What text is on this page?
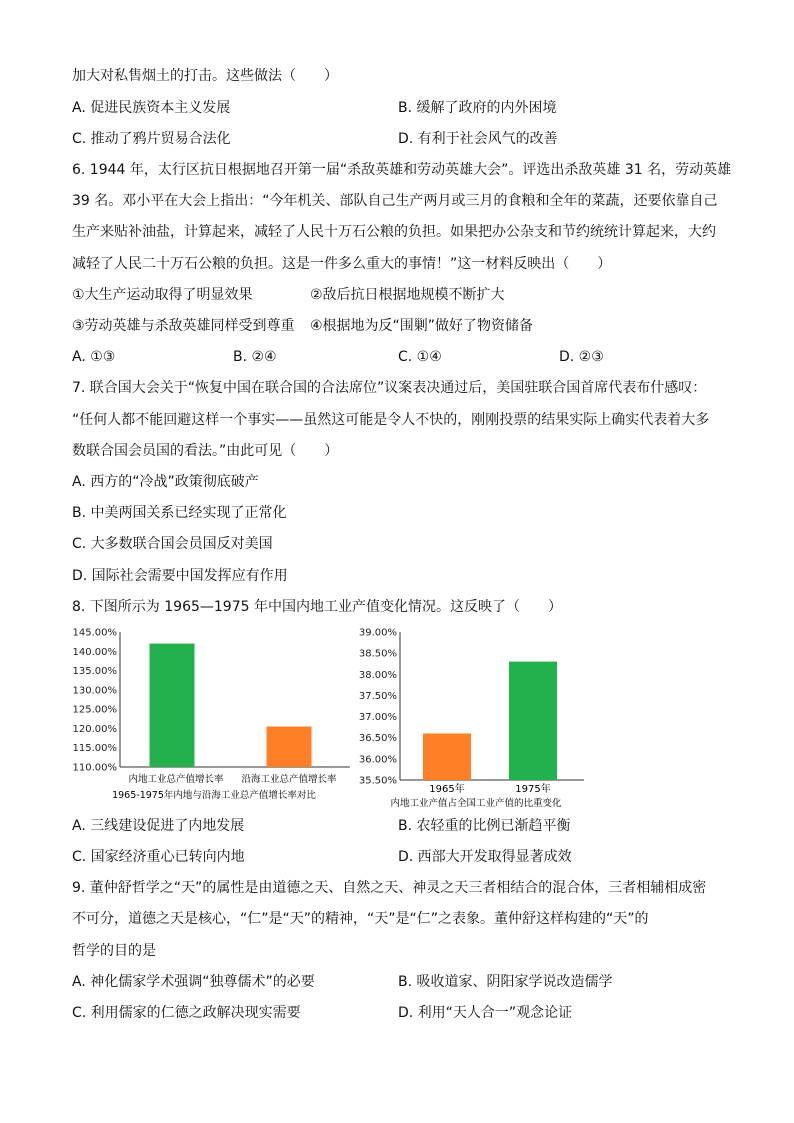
加大对私售烟土的打击。这些做法（　　）
A. 促进民族资本主义发展	B. 缓解了政府的内外困境
C. 推动了鸦片贸易合法化	D. 有利于社会风气的改善
6. 1944 年，太行区抗日根据地召开第一届“杀敌英雄和劳动英雄大会”。评选出杀敌英雄 31 名，劳动英雄
39 名。邓小平在大会上指出：“今年机关、部队自己生产两月或三月的食粮和全年的菜蔬，还要依靠自己
生产来贴补油盐，计算起来，减轻了人民十万石公粮的负担。如果把办公杂支和节约统统计算起来，大约
减轻了人民二十万石公粮的负担。这是一件多么重大的事情！”这一材料反映出（　　）
①大生产运动取得了明显效果	②敌后抗日根据地规模不断扩大
③劳动英雄与杀敌英雄同样受到尊重 ④根据地为反“围剿”做好了物资储备
A. ①③	B. ②④	C. ①④	D. ②③
7. 联合国大会关于“恢复中国在联合国的合法席位”议案表决通过后，美国驻联合国首席代表布什感叹：
“任何人都不能回避这样一个事实——虽然这可能是令人不快的，刚刚投票的结果实际上确实代表着大多
数联合国会员国的看法。”由此可见（　　）
A. 西方的“冷战”政策彻底破产
B. 中美两国关系已经实现了正常化
C. 大多数联合国会员国反对美国
D. 国际社会需要中国发挥应有作用
8. 下图所示为 1965—1975 年中国内地工业产值变化情况。这反映了（　　）
145.00%
140.00%
135.00%
130.00%
125.00%
120.00%
115.00%
110.00%
内地工业总产值增长率 沿海工业总产值增长率
1965-1975年内地与沿海工业总产值增长率对比
39.00%
38.50%
38.00%
37.50%
37.00%
36.50%
36.00%
35.50%
1965年	1975年
内地工业产值占全国工业产值的比重变化
A. 三线建设促进了内地发展	B. 农轻重的比例已渐趋平衡
C. 国家经济重心已转向内地	D. 西部大开发取得显著成效
9. 董仲舒哲学之“天”的属性是由道德之天、自然之天、神灵之天三者相结合的混合体，三者相辅相成密
不可分，道德之天是核心，“仁”是“天”的精神，“天”是“仁”之表象。董仲舒这样构建的“天”的
哲学的目的是
A. 神化儒家学术强调“独尊儒术”的必要	B. 吸收道家、阴阳家学说改造儒学
C. 利用儒家的仁德之政解决现实需要	D. 利用“天人合一”观念论证
